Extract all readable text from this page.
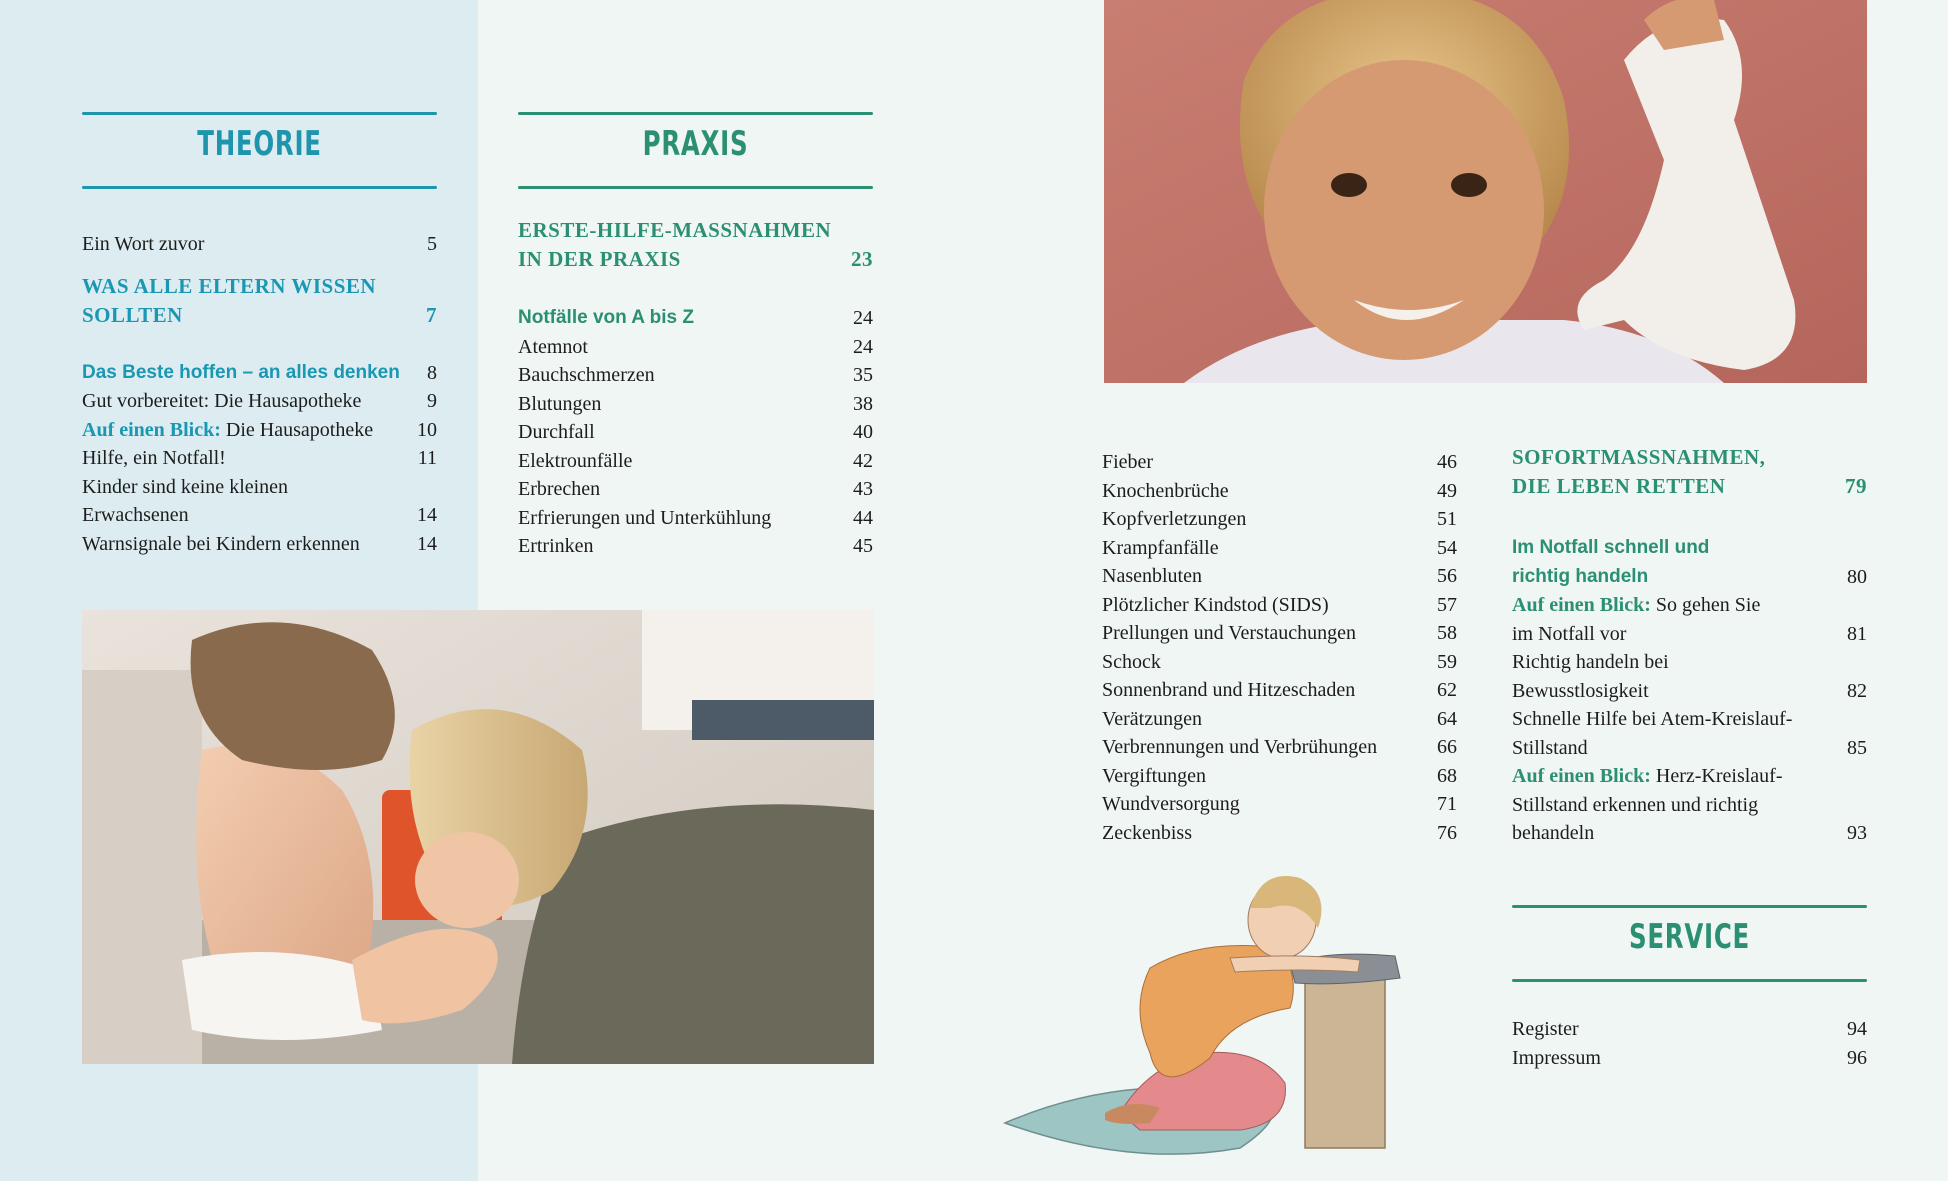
THEORIE
Ein Wort zuvor	5
WAS ALLE ELTERN WISSEN
SOLLTEN	7
Das Beste hoffen – an alles denken	8
Gut vorbereitet: Die Hausapotheke	9
Auf einen Blick: Die Hausapotheke	10
Hilfe, ein Notfall!	11
Kinder sind keine kleinen
Erwachsenen	14
Warnsignale bei Kindern erkennen	14
PRAXIS
ERSTE-HILFE-MASSNAHMEN
IN DER PRAXIS	23
Notfälle von A bis Z	24
Atemnot	24
Bauchschmerzen	35
Blutungen	38
Durchfall	40
Elektrounfälle	42
Erbrechen	43
Erfrierungen und Unterkühlung	44
Ertrinken	45
Fieber	46
Knochenbrüche	49
Kopfverletzungen	51
Krampfanfälle	54
Nasenbluten	56
Plötzlicher Kindstod (SIDS)	57
Prellungen und Verstauchungen	58
Schock	59
Sonnenbrand und Hitzeschaden	62
Verätzungen	64
Verbrennungen und Verbrühungen	66
Vergiftungen	68
Wundversorgung	71
Zeckenbiss	76
SOFORTMASSNAHMEN,
DIE LEBEN RETTEN	79
Im Notfall schnell und
richtig handeln	80
Auf einen Blick: So gehen Sie
im Notfall vor	81
Richtig handeln bei
Bewusstlosigkeit	82
Schnelle Hilfe bei Atem-Kreislauf-
Stillstand	85
Auf einen Blick: Herz-Kreislauf-
Stillstand erkennen und richtig
behandeln	93
SERVICE
Register	94
Impressum	96
